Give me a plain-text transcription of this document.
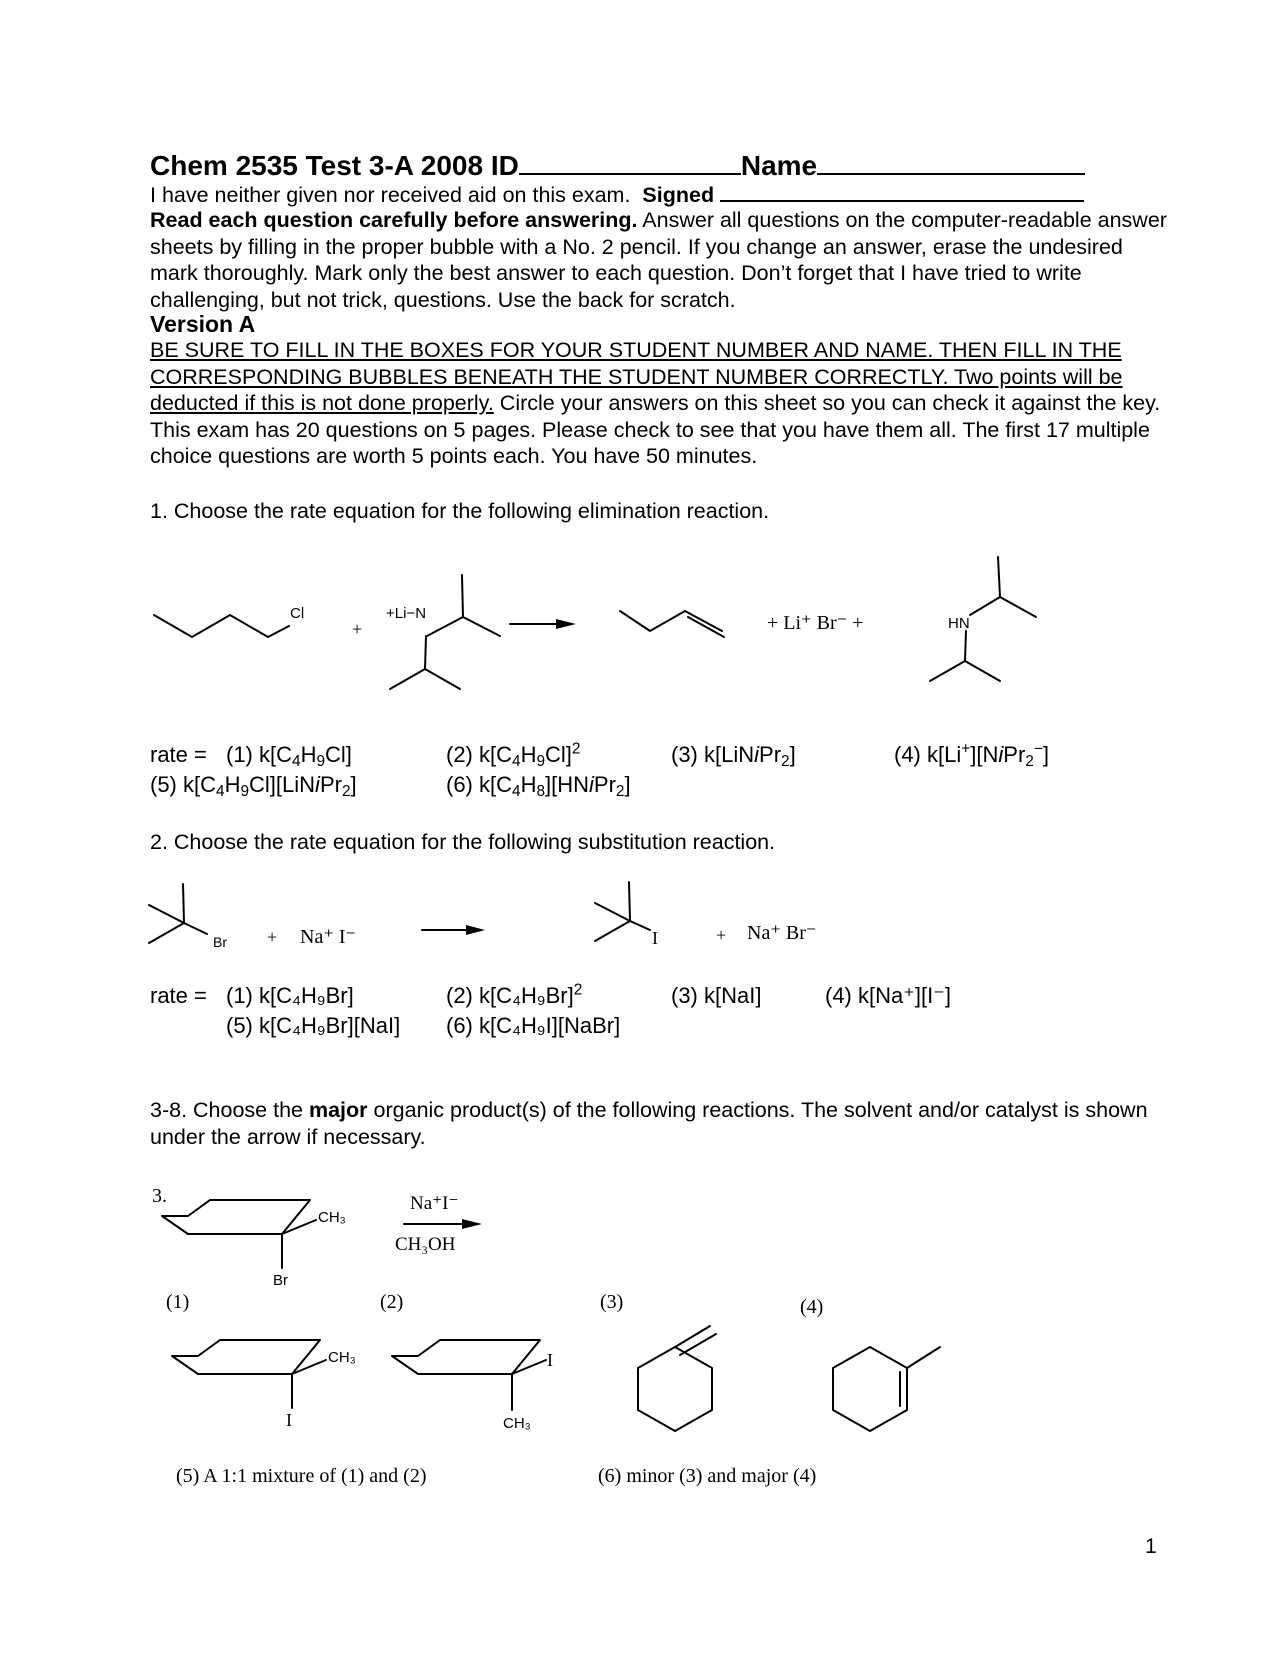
Chem 2535 Test 3-A 2008 ID	Name
I have neither given nor received aid on this exam. Signed
Read each question carefully before answering. Answer all questions on the computer-readable answer sheets by filling in the proper bubble with a No. 2 pencil. If you change an answer, erase the undesired mark thoroughly. Mark only the best answer to each question. Don’t forget that I have tried to write challenging, but not trick, questions. Use the back for scratch.
Version A
BE SURE TO FILL IN THE BOXES FOR YOUR STUDENT NUMBER AND NAME. THEN FILL IN THE CORRESPONDING BUBBLES BENEATH THE STUDENT NUMBER CORRECTLY. Two points will be deducted if this is not done properly. Circle your answers on this sheet so you can check it against the key. This exam has 20 questions on 5 pages. Please check to see that you have them all. The first 17 multiple choice questions are worth 5 points each. You have 50 minutes.
1. Choose the rate equation for the following elimination reaction.
Cl
+
+Li−N	+ Li⁺ Br⁻ +	HN
rate = (1) $k[C_4H_9Cl]$	(2) $k[C_4H_9Cl]^2$	(3) k[LiNiPr$_2$]	(4) k[Li+][NiPr$_2$−]
(5) $k[C_4H_9Cl][LiNiPr_2]$	(6) $k[C_4H_8][HNiPr_2]$
2. Choose the rate equation for the following substitution reaction.
Br + Na⁺ I⁻	I	+ Na⁺ Br⁻
rate = (1) k[C₄H₉Br]	(2) $k[C_4H_9Br]^2$	(3) k[NaI]	(4) k[Na⁺][I⁻]
(5) k[C₄H₉Br][NaI] (6) k[C₄H₉I][NaBr]
3-8. Choose the major organic product(s) of the following reactions. The solvent and/or catalyst is shown under the arrow if necessary.
3.	Na⁺I⁻
CH₃OH
CH₃
Br
(1)	(2)	(3)	(4)
CH₃
I
I
CH₃
(5) A 1:1 mixture of (1) and (2)	(6) minor (3) and major (4)
1
